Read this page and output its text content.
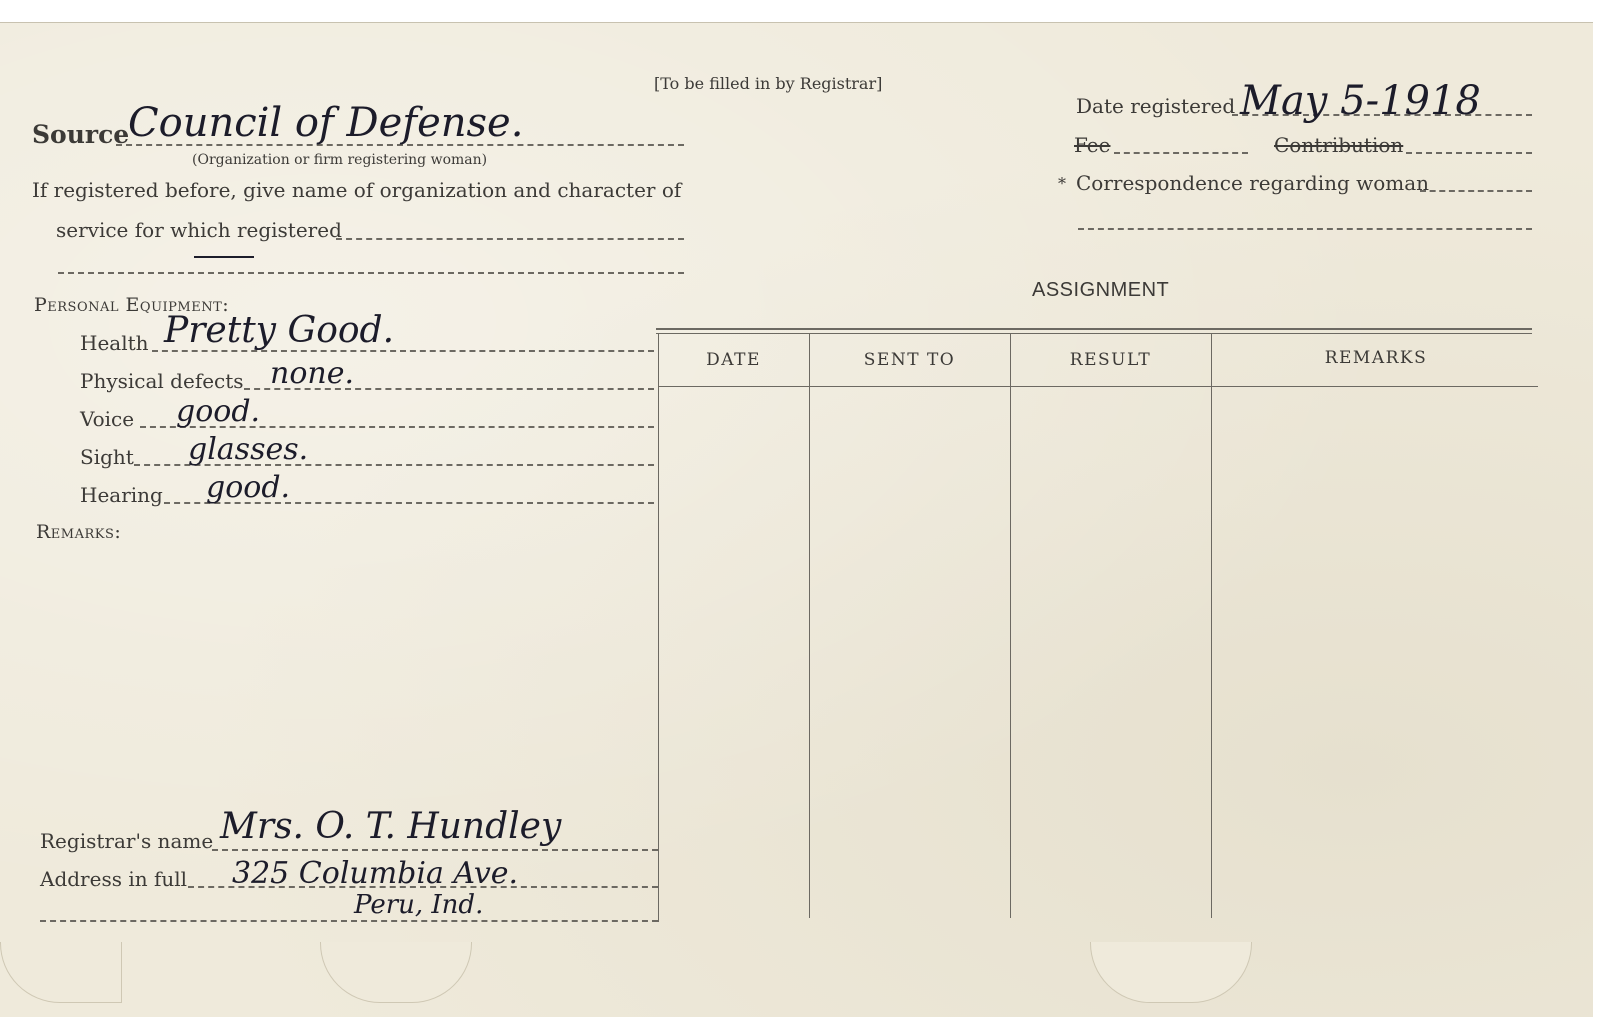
[To be filled in by Registrar]
Source
Council of Defense.
(Organization or firm registering woman)
If registered before, give name of organization and character of
service for which registered
Date registered May 5-1918
Fee	Contribution
* Correspondence regarding woman
Personal Equipment:
Health Pretty Good.
Physical defects none.
Voice good.
Sight glasses.
Hearing good.
Remarks:
Registrar's name Mrs. O. T. Hundley
Address in full 325 Columbia Ave.
Peru, Ind.
ASSIGNMENT
DATE	SENT TO	RESULT	REMARKS
